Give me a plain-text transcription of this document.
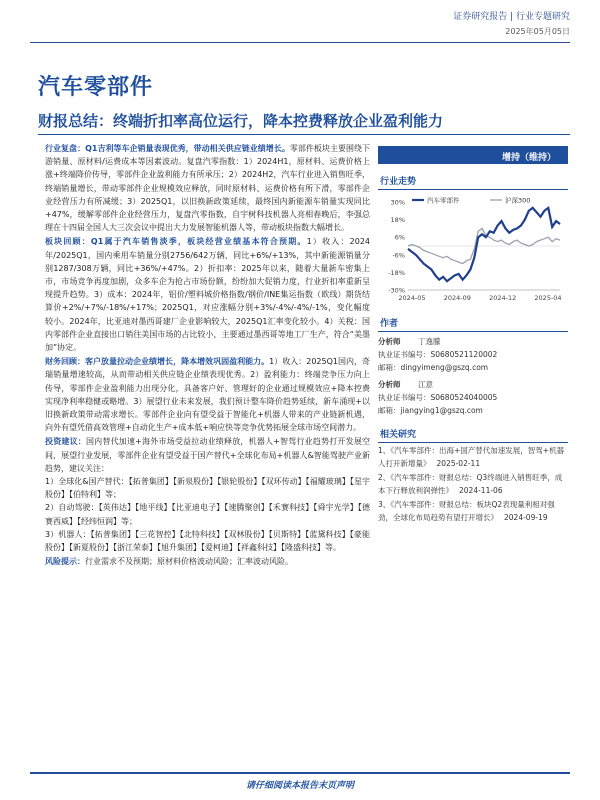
证券研究报告 | 行业专题研究
2025年05月05日
汽车零部件
财报总结：终端折扣率高位运行，降本控费释放企业盈利能力

行业复盘：Q1吉利等车企销量表现优秀，带动相关供应链业绩增长。零部件板块主要围绕下游销量、原材料/运费成本等因素波动。复盘汽零指数：1）2024H1，原材料、运费价格上涨+终端降价传导，零部件企业盈利能力有所承压；2）2024H2，汽车行业进入销售旺季，终端销量增长，带动零部件企业规模效应释放，同时原材料、运费价格有所下滑，零部件企业经营压力有所减缓；3）2025Q1，以旧换新政策延续，最终国内新能源车销量实现同比+47%，缓解零部件企业经营压力，复盘汽零指数，自宇树科技机器人亮相春晚后，李强总理在十四届全国人大三次会议中提出大力发展智能机器人等，带动板块指数大幅增长。

板块回顾：Q1属于汽车销售淡季，板块经营业绩基本符合预期。1）收入：2024年/2025Q1，国内乘用车销量分别2756/642万辆，同比+6%/+13%，其中新能源销量分别1287/308万辆，同比+36%/+47%。2）折扣率：2025年以来，随着大量新车密集上市，市场竞争再度加剧，众多车企为抢占市场份额，纷纷加大促销力度，行业折扣率重新呈现提升趋势。3）成本：2024年，铝价/塑料城价格指数/钢价/INE集运指数（欧线）期货结算价+2%/+7%/-18%/+17%；2025Q1，对应涨幅分别+3%/-4%/-4%/-1%，变化幅度较小。2024年，比亚迪对墨西哥建厂企业影响较大，2025Q1汇率变化较小。4）关税：国内零部件企业直接出口销往美国市场的占比较小，主要通过墨西哥等地工厂生产，符合“美墨加”协定。

财务回顾：客户放量拉动企业绩增长，降本增效巩固盈利能力。1）收入：2025Q1国内，奇瑞销量增速较高，从而带动相关供应链企业绩表现优秀。2）盈利能力：终端竞争压力向上传导，零部件企业盈利能力出现分化，具备客户好、管理好的企业通过规模效应+降本控费实现净利率稳健或略增。3）展望行业未来发展，我们预计整车降价趋势延续，新车涌现+以旧换新政策带动需求增长。零部件企业向有望受益于智能化+机器人带来的产业链新机遇，向外有望凭借高效管理+自动化生产+成本低+响应快等竞争优势拓展全球市场空间潜力。

投资建议：国内替代加速+海外市场受益拉动业绩释放，机器人+智驾行业趋势打开发展空间，展望行业发展，零部件企业有望受益于国产替代+全球化布局+机器人&智能驾驶产业新趋势，建议关注：
1）全球化&国产替代：【拓普集团】【新泉股份】【银轮股份】【双环传动】【福耀玻璃】【星宇股份】【伯特利】等；
2）自动驾驶：【英伟达】【地平线】【比亚迪电子】【速腾聚创】【禾赛科技】【舜宇光学】【德赛西威】【经纬恒润】等；
3）机器人：【拓普集团】【三花智控】【北特科技】【双林股份】【贝斯特】【蓝黛科技】【豪能股份】【新夏股份】【浙江荣泰】【旭升集团】【爱柯迪】【祥鑫科技】【隆盛科技】等。

风险提示：行业需求不及预期；原材料价格波动风险；汇率波动风险。

增持（维持）
行业走势
30%
18%
6%
-6%
-18%
-30%
2024-05	2024-09	2024-12	2025-04
汽车零部件	沪深300
作者
分析师	丁逸朦
执业证书编号：S0680521120002
邮箱：dingyimeng@gszq.com
分析师	江意
执业证书编号：S0680524040005
邮箱：jiangying1@gszq.com
相关研究
1、《汽车零部件：出海+国产替代加速发展，智驾+机器人打开新增量》 2025-02-11
2、《汽车零部件：财报总结：Q3终端进入销售旺季，成本下行释放利润弹性》 2024-11-06
3、《汽车零部件：财报总结：板块Q2表现量利相对强劲，全球化布局趋势有望打开增长》 2024-09-19
请仔细阅读本报告末页声明
